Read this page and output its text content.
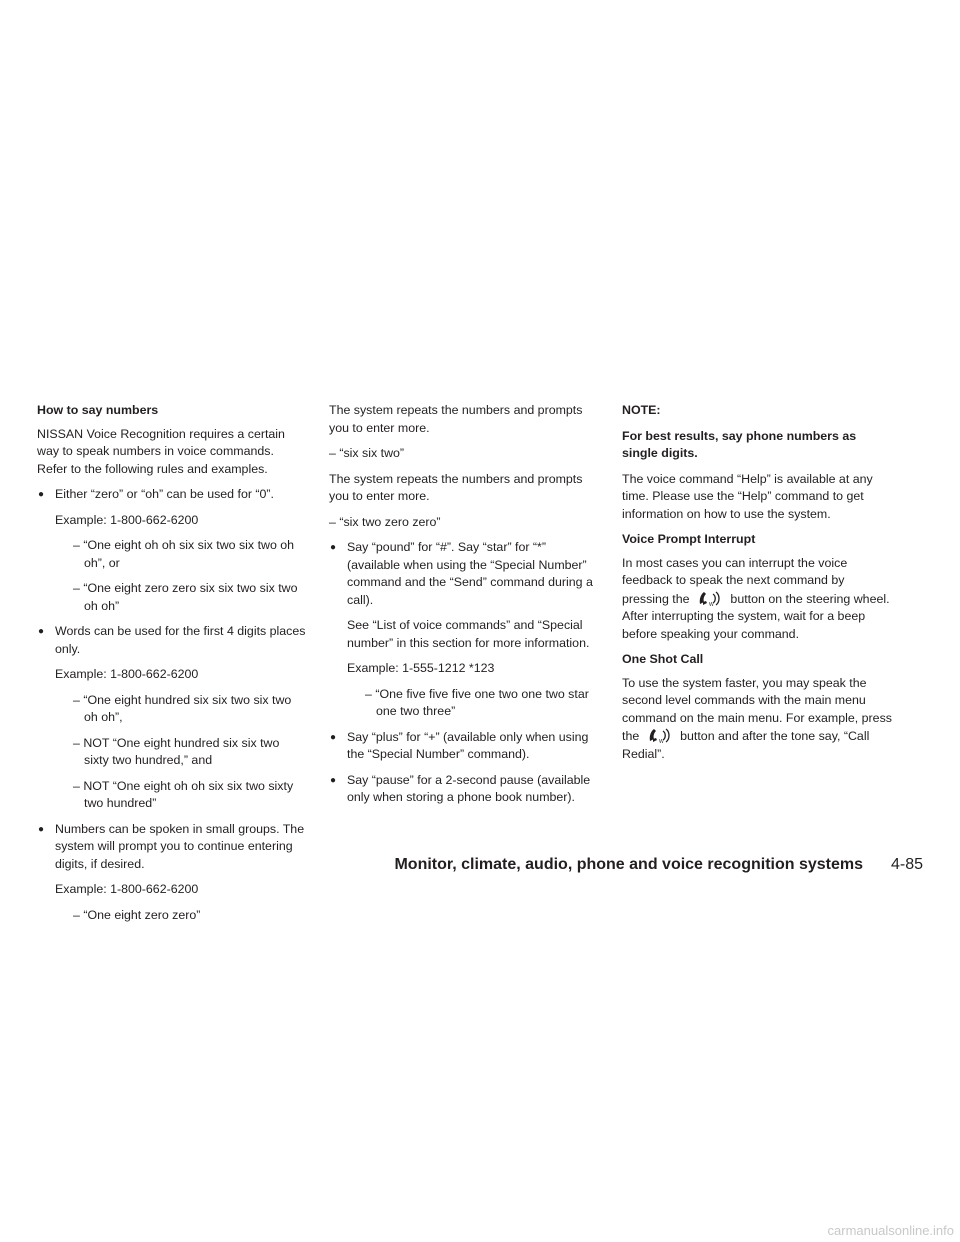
How to say numbers

NISSAN Voice Recognition requires a certain way to speak numbers in voice commands. Refer to the following rules and examples.

● Either “zero” or “oh” can be used for “0”.

Example: 1-800-662-6200

– “One eight oh oh six six two six two oh oh”, or

– “One eight zero zero six six two six two oh oh”

● Words can be used for the first 4 digits places only.

Example: 1-800-662-6200

– “One eight hundred six six two six two oh oh”,

– NOT “One eight hundred six six two sixty two hundred,” and

– NOT “One eight oh oh six six two sixty two hundred”

● Numbers can be spoken in small groups. The system will prompt you to continue entering digits, if desired.

Example: 1-800-662-6200

– “One eight zero zero”

The system repeats the numbers and prompts you to enter more.

– “six six two”

The system repeats the numbers and prompts you to enter more.

– “six two zero zero”

● Say “pound” for “#”. Say “star” for “*” (available when using the “Special Number” command and the “Send” command during a call).

See “List of voice commands” and “Special number” in this section for more information.

Example: 1-555-1212 *123

– “One five five five one two one two star one two three”

● Say “plus” for “+” (available only when using the “Special Number” command).

● Say “pause” for a 2-second pause (available only when storing a phone book number).

NOTE:

For best results, say phone numbers as single digits.

The voice command “Help” is available at any time. Please use the “Help” command to get information on how to use the system.

Voice Prompt Interrupt

In most cases you can interrupt the voice feedback to speak the next command by pressing the	W button on the steering wheel. After interrupting the system, wait for a beep before speaking your command.

One Shot Call

To use the system faster, you may speak the second level commands with the main menu command on the main menu. For example, press the	W button and after the tone say, “Call Redial”.

Monitor, climate, audio, phone and voice recognition systems 4-85
carmanualsonline.info
